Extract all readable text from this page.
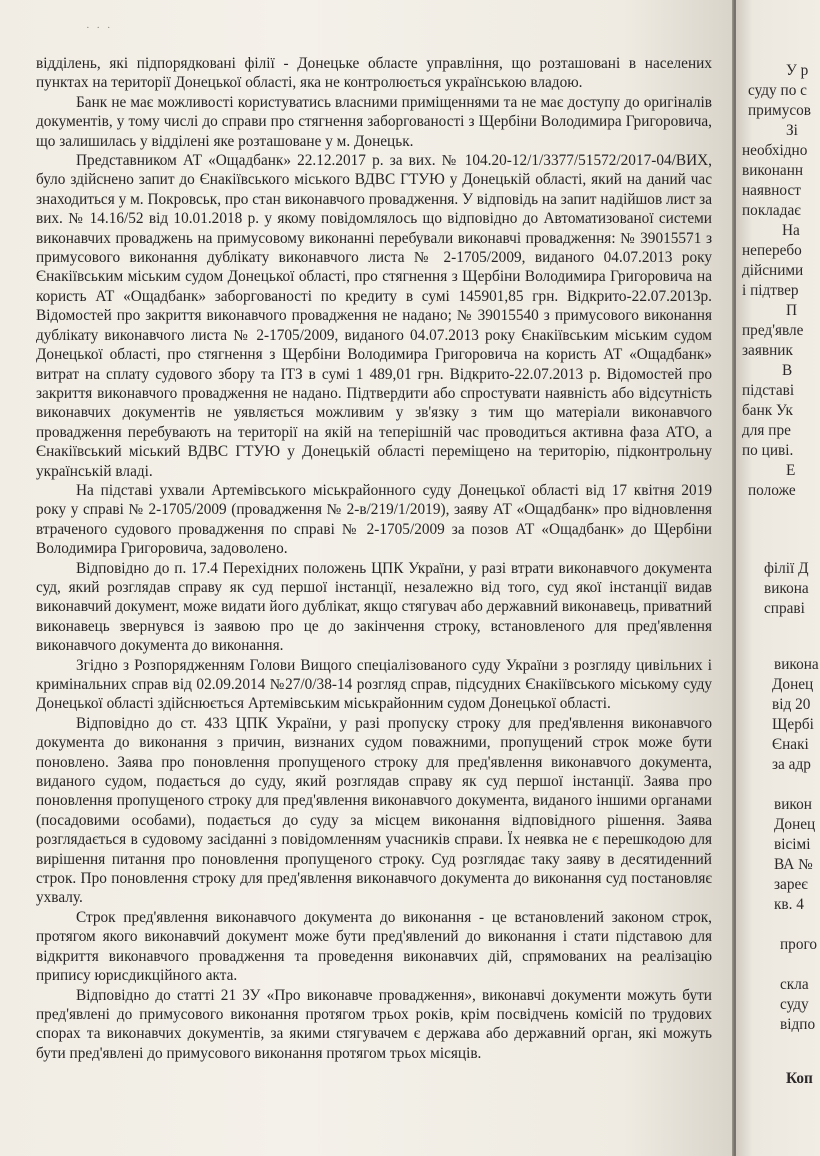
· · ·

відділень, які підпорядковані філії - Донецьке областе управління, що розташовані в населених пунктах на території Донецької області, яка не контролюється українською владою.

Банк не має можливості користуватись власними приміщеннями та не має доступу до оригіналів документів, у тому числі до справи про стягнення заборгованості з Щербіни Володимира Григоровича, що залишилась у відділені яке розташоване у м. Донецьк.

Представником АТ «Ощадбанк» 22.12.2017 р. за вих. № 104.20-12/1/3377/51572/2017-04/ВИХ, було здійснено запит до Єнакіївського міського ВДВС ГТУЮ у Донецькій області, який на даний час знаходиться у м. Покровськ, про стан виконавчого провадження. У відповідь на запит надійшов лист за вих. № 14.16/52 від 10.01.2018 р. у якому повідомлялось що відповідно до Автоматизованої системи виконавчих проваджень на примусовому виконанні перебували виконавчі провадження: № 39015571 з примусового виконання дублікату виконавчого листа № 2-1705/2009, виданого 04.07.2013 року Єнакіївським міським судом Донецької області, про стягнення з Щербіни Володимира Григоровича на користь АТ «Ощадбанк» заборгованості по кредиту в сумі 145901,85 грн. Відкрито-22.07.2013р. Відомостей про закриття виконавчого провадження не надано; № 39015540 з примусового виконання дублікату виконавчого листа № 2-1705/2009, виданого 04.07.2013 року Єнакіївським міським судом Донецької області, про стягнення з Щербіни Володимира Григоровича на користь АТ «Ощадбанк» витрат на сплату судового збору та ІТЗ в сумі 1 489,01 грн. Відкрито-22.07.2013 р. Відомостей про закриття виконавчого провадження не надано. Підтвердити або спростувати наявність або відсутність виконавчих документів не уявляється можливим у зв'язку з тим що матеріали виконавчого провадження перебувають на території на якій на теперішній час проводиться активна фаза АТО, а Єнакіївський міський ВДВС ГТУЮ у Донецькій області переміщено на територію, підконтрольну українській владі.

На підставі ухвали Артемівського міськрайонного суду Донецької області від 17 квітня 2019 року у справі № 2-1705/2009 (провадження № 2-в/219/1/2019), заяву АТ «Ощадбанк» про відновлення втраченого судового провадження по справі № 2-1705/2009 за позов АТ «Ощадбанк» до Щербіни Володимира Григоровича, задоволено.

Відповідно до п. 17.4 Перехідних положень ЦПК України, у разі втрати виконавчого документа суд, який розглядав справу як суд першої інстанції, незалежно від того, суд якої інстанції видав виконавчий документ, може видати його дублікат, якщо стягувач або державний виконавець, приватний виконавець звернувся із заявою про це до закінчення строку, встановленого для пред'явлення виконавчого документа до виконання.

Згідно з Розпорядженням Голови Вищого спеціалізованого суду України з розгляду цивільних і кримінальних справ від 02.09.2014 №27/0/38-14 розгляд справ, підсудних Єнакіївського міському суду Донецької області здійснюється Артемівським міськрайонним судом Донецької області.

Відповідно до ст. 433 ЦПК України, у разі пропуску строку для пред'явлення виконавчого документа до виконання з причин, визнаних судом поважними, пропущений строк може бути поновлено. Заява про поновлення пропущеного строку для пред'явлення виконавчого документа, виданого судом, подається до суду, який розглядав справу як суд першої інстанції. Заява про поновлення пропущеного строку для пред'явлення виконавчого документа, виданого іншими органами (посадовими особами), подається до суду за місцем виконання відповідного рішення. Заява розглядається в судовому засіданні з повідомленням учасників справи. Їх неявка не є перешкодою для вирішення питання про поновлення пропущеного строку. Суд розглядає таку заяву в десятиденний строк. Про поновлення строку для пред'явлення виконавчого документа до виконання суд постановляє ухвалу.

Строк пред'явлення виконавчого документа до виконання - це встановлений законом строк, протягом якого виконавчий документ може бути пред'явлений до виконання і стати підставою для відкриття виконавчого провадження та проведення виконавчих дій, спрямованих на реалізацію припису юрисдикційного акта.

Відповідно до статті 21 ЗУ «Про виконавче провадження», виконавчі документи можуть бути пред'явлені до примусового виконання протягом трьох років, крім посвідчень комісій по трудових спорах та виконавчих документів, за якими стягувачем є держава або державний орган, які можуть бути пред'явлені до примусового виконання протягом трьох місяців.

У р
суду по с
примусов
Зі
необхідно
виконанн
наявност
покладає
На
неперебо
дійсними
і підтвер
П
пред'явле
заявник
В
підставі
банк Ук
для пре
по циві.
Е
положе
філії Д
викона
справі
викона
Донец
від 20
Щербі
Єнакі
за адр
викон
Донец
вісімі
ВА №
зареє
кв. 4
прого
скла
суду
відпо
Коп
